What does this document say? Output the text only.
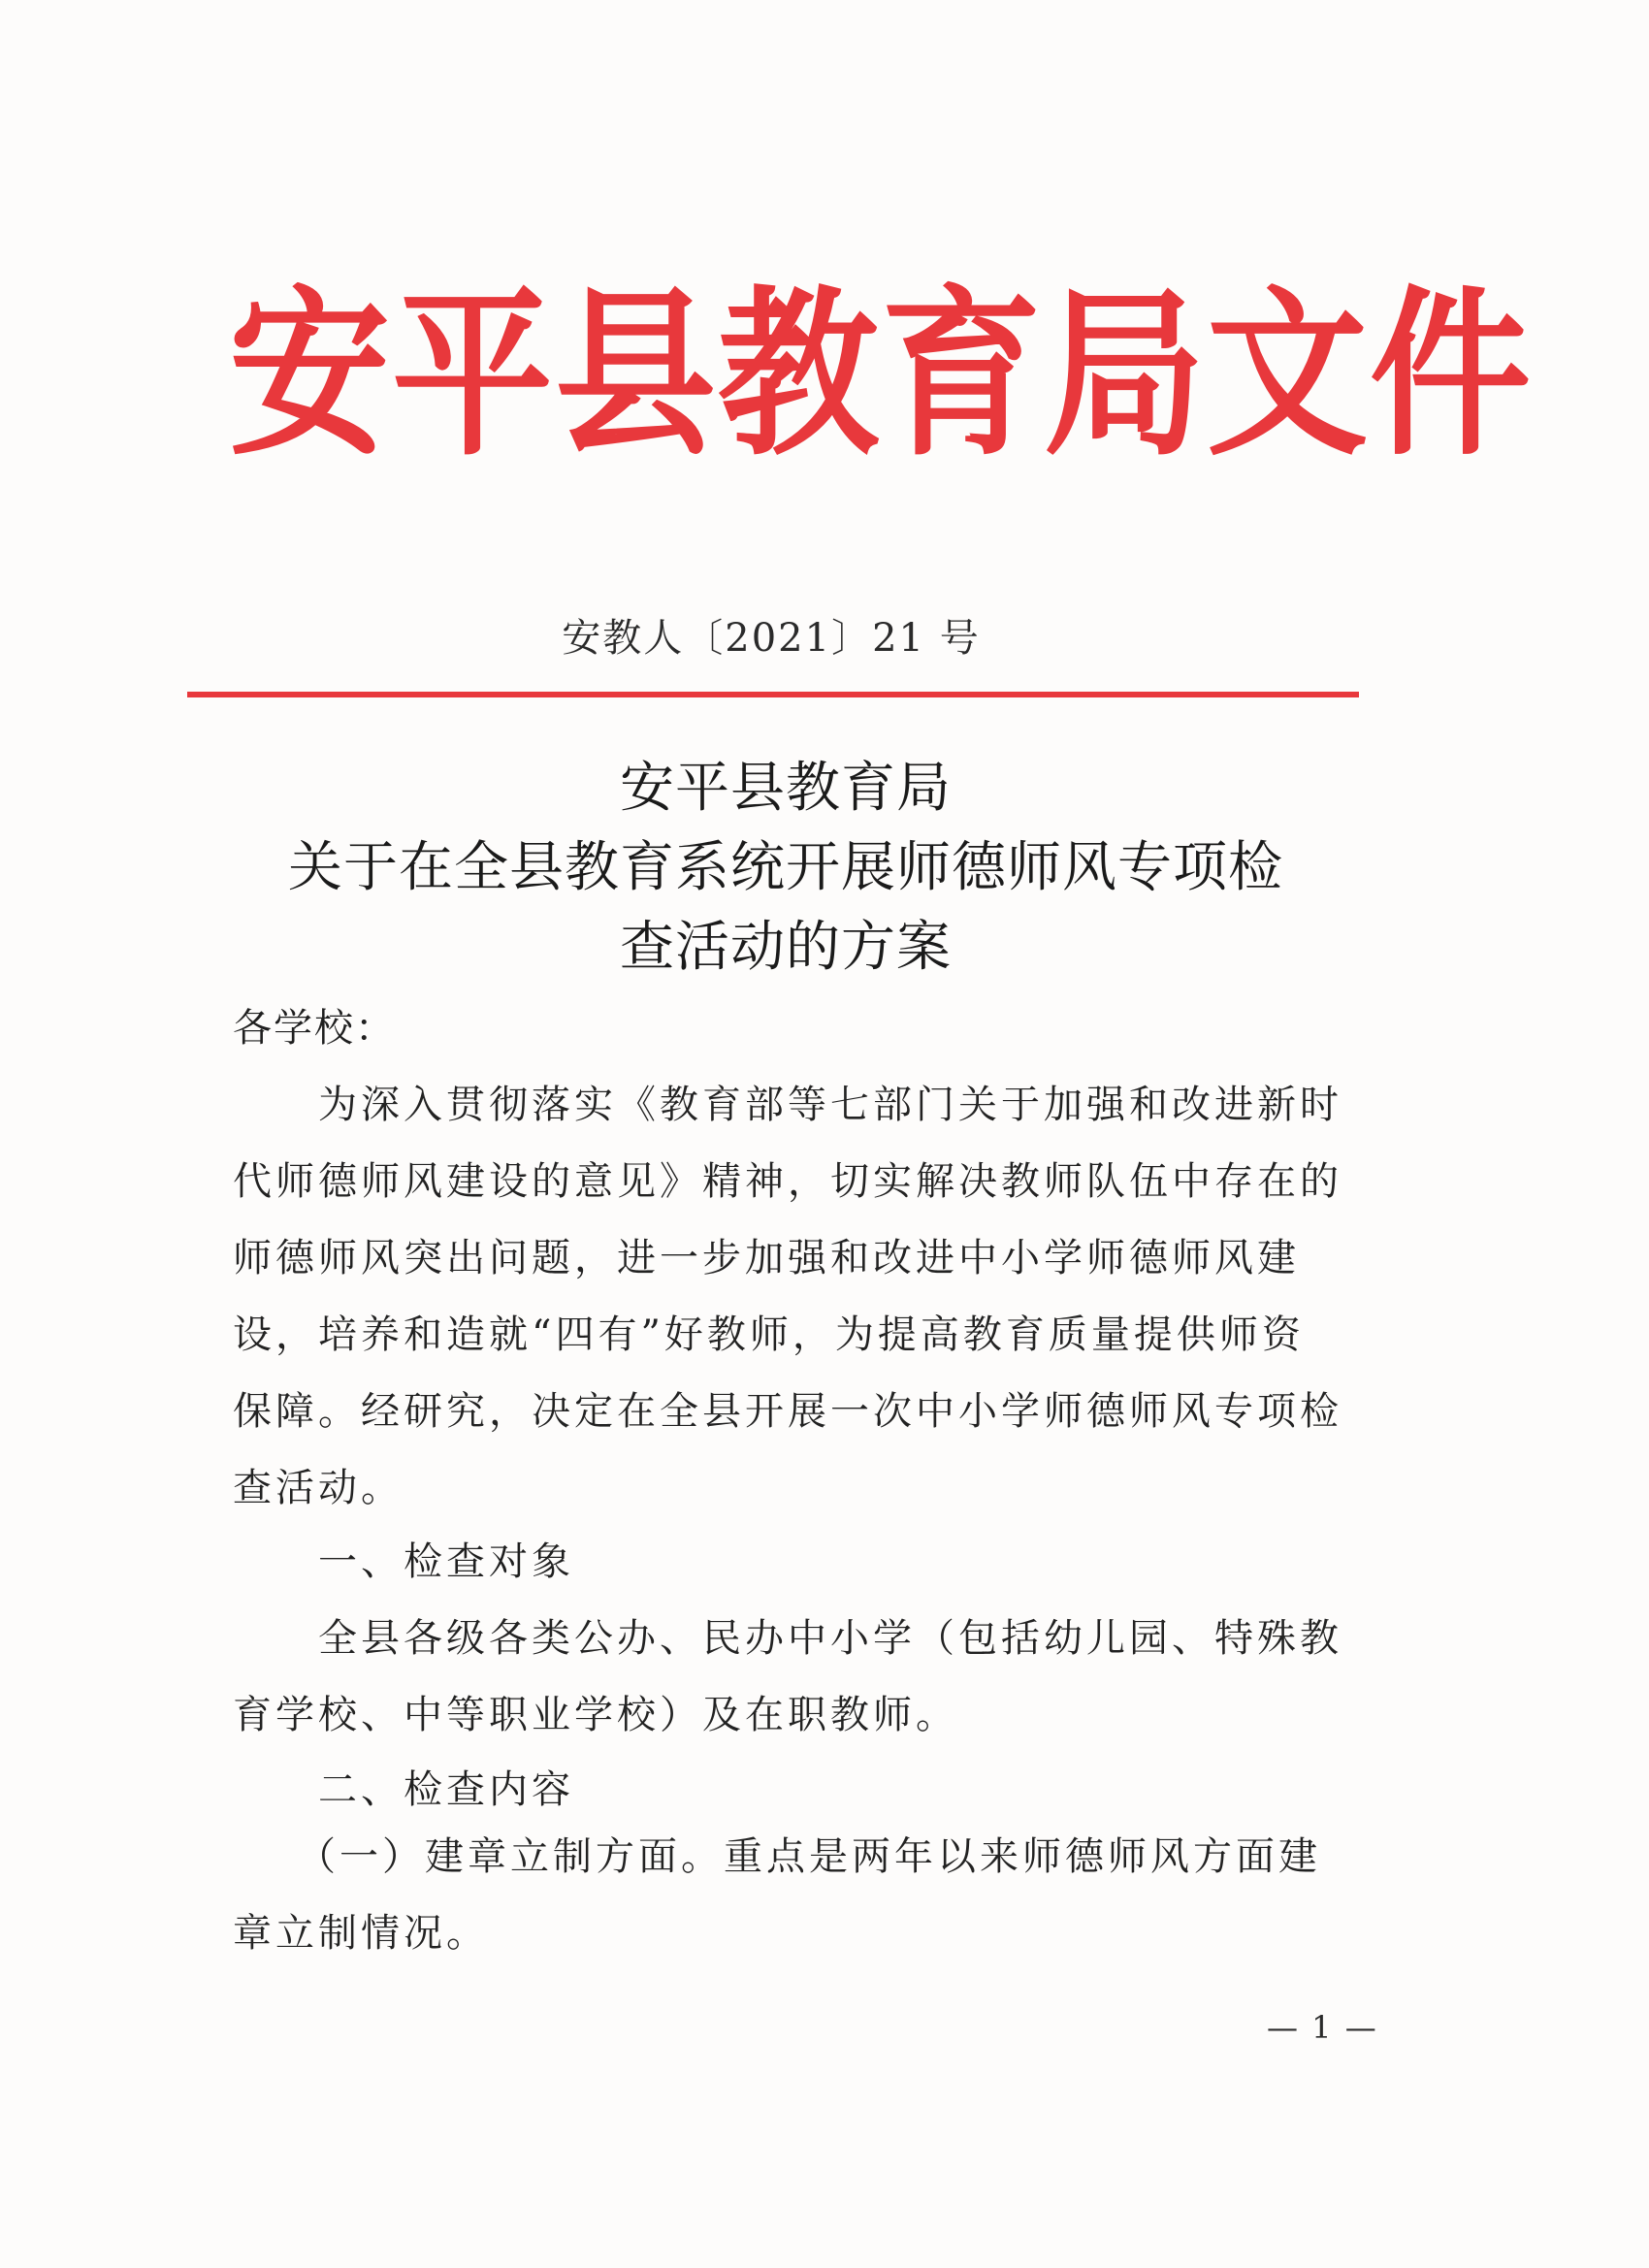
安平县教育局文件
安教人〔2021〕21 号
安平县教育局
关于在全县教育系统开展师德师风专项检
查活动的方案
各学校：
为深入贯彻落实《教育部等七部门关于加强和改进新时
代师德师风建设的意见》精神，切实解决教师队伍中存在的
师德师风突出问题，进一步加强和改进中小学师德师风建
设，培养和造就“四有”好教师，为提高教育质量提供师资
保障。经研究，决定在全县开展一次中小学师德师风专项检
查活动。
一、检查对象
全县各级各类公办、民办中小学（包括幼儿园、特殊教
育学校、中等职业学校）及在职教师。
二、检查内容
（一）建章立制方面。重点是两年以来师德师风方面建
章立制情况。
— 1 —
